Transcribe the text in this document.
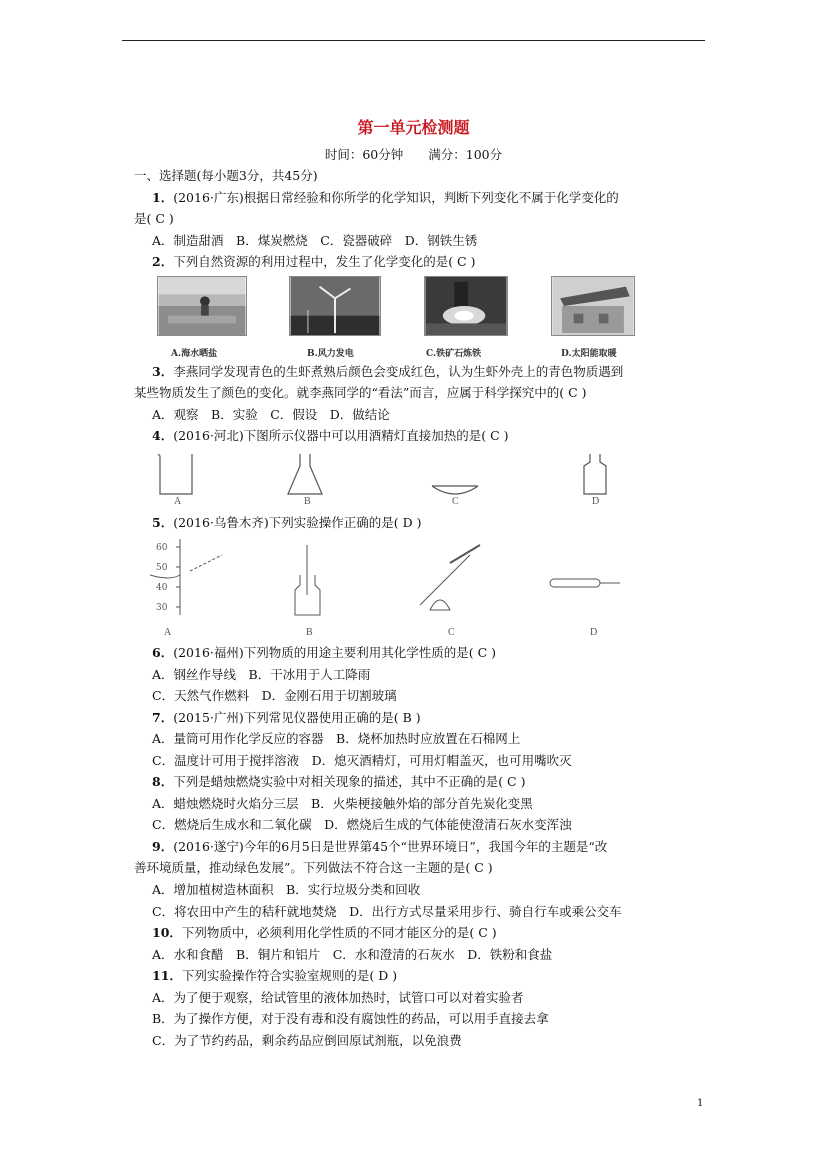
第一单元检测题
时间：60分钟　　满分：100分
一、选择题(每小题3分，共45分)
1．(2016·广东)根据日常经验和你所学的化学知识，判断下列变化不属于化学变化的
是( C )
A．制造甜酒　B．煤炭燃烧　C．瓷器破碎　D．钢铁生锈
2．下列自然资源的利用过程中，发生了化学变化的是( C )
A.海水晒盐	B.风力发电	C.铁矿石炼铁	D.太阳能取暖
3．李燕同学发现青色的生虾煮熟后颜色会变成红色，认为生虾外壳上的青色物质遇到
某些物质发生了颜色的变化。就李燕同学的“看法”而言，应属于科学探究中的( C )
A．观察　B．实验　C．假设　D．做结论
4．(2016·河北)下图所示仪器中可以用酒精灯直接加热的是( C )
A	B	C	D
5．(2016·乌鲁木齐)下列实验操作正确的是( D )
60
50
40
30
A	B	C	D
6．(2016·福州)下列物质的用途主要利用其化学性质的是( C )
A．钢丝作导线　B．干冰用于人工降雨
C．天然气作燃料　D．金刚石用于切割玻璃
7．(2015·广州)下列常见仪器使用正确的是( B )
A．量筒可用作化学反应的容器　B．烧杯加热时应放置在石棉网上
C．温度计可用于搅拌溶液　D．熄灭酒精灯，可用灯帽盖灭，也可用嘴吹灭
8．下列是蜡烛燃烧实验中对相关现象的描述，其中不正确的是( C )
A．蜡烛燃烧时火焰分三层　B．火柴梗接触外焰的部分首先炭化变黑
C．燃烧后生成水和二氧化碳　D．燃烧后生成的气体能使澄清石灰水变浑浊
9．(2016·遂宁)今年的6月5日是世界第45个“世界环境日”，我国今年的主题是“改
善环境质量，推动绿色发展”。下列做法不符合这一主题的是( C )
A．增加植树造林面积　B．实行垃圾分类和回收
C．将农田中产生的秸秆就地焚烧　D．出行方式尽量采用步行、骑自行车或乘公交车
10．下列物质中，必须利用化学性质的不同才能区分的是( C )
A．水和食醋　B．铜片和铝片　C．水和澄清的石灰水　D．铁粉和食盐
11．下列实验操作符合实验室规则的是( D )
A．为了便于观察，给试管里的液体加热时，试管口可以对着实验者
B．为了操作方便，对于没有毒和没有腐蚀性的药品，可以用手直接去拿
C．为了节约药品，剩余药品应倒回原试剂瓶，以免浪费
1
